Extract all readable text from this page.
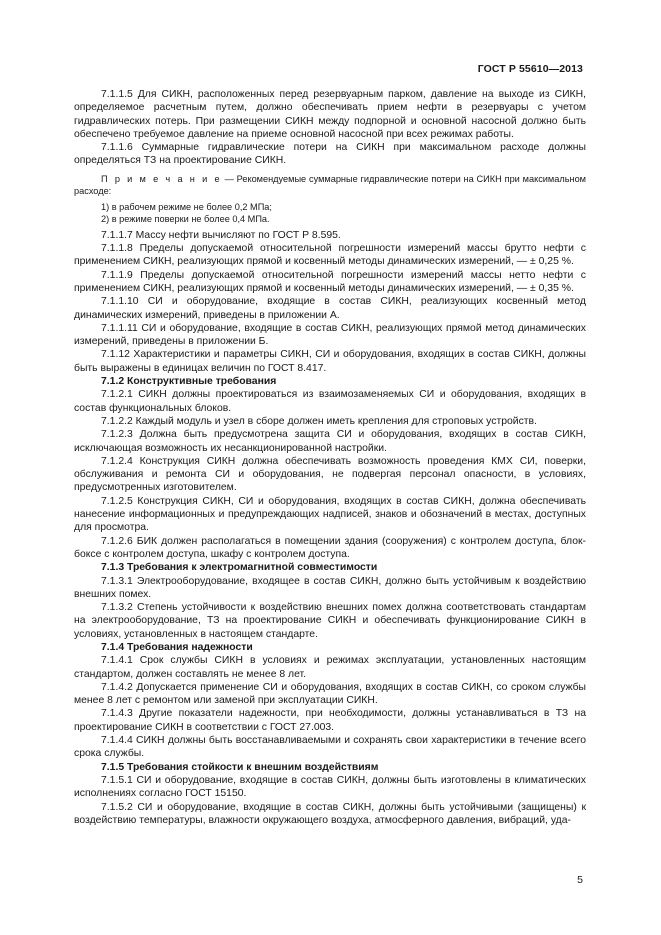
ГОСТ Р 55610—2013

7.1.1.5 Для СИКН, расположенных перед резервуарным парком, давление на выходе из СИКН, определяемое расчетным путем, должно обеспечивать прием нефти в резервуары с учетом гидравлических потерь. При размещении СИКН между подпорной и основной насосной должно быть обеспечено требуемое давление на приеме основной насосной при всех режимах работы.

7.1.1.6 Суммарные гидравлические потери на СИКН при максимальном расходе должны определяться ТЗ на проектирование СИКН.

П р и м е ч а н и е — Рекомендуемые суммарные гидравлические потери на СИКН при максимальном расходе:

1) в рабочем режиме не более 0,2 МПа;

2) в режиме поверки не более 0,4 МПа.

7.1.1.7 Массу нефти вычисляют по ГОСТ Р 8.595.

7.1.1.8 Пределы допускаемой относительной погрешности измерений массы брутто нефти с применением СИКН, реализующих прямой и косвенный методы динамических измерений, — ± 0,25 %.

7.1.1.9 Пределы допускаемой относительной погрешности измерений массы нетто нефти с применением СИКН, реализующих прямой и косвенный методы динамических измерений, — ± 0,35 %.

7.1.1.10 СИ и оборудование, входящие в состав СИКН, реализующих косвенный метод динамических измерений, приведены в приложении А.

7.1.1.11 СИ и оборудование, входящие в состав СИКН, реализующих прямой метод динамических измерений, приведены в приложении Б.

7.1.12 Характеристики и параметры СИКН, СИ и оборудования, входящих в состав СИКН, должны быть выражены в единицах величин по ГОСТ 8.417.

7.1.2 Конструктивные требования

7.1.2.1 СИКН должны проектироваться из взаимозаменяемых СИ и оборудования, входящих в состав функциональных блоков.

7.1.2.2 Каждый модуль и узел в сборе должен иметь крепления для строповых устройств.

7.1.2.3 Должна быть предусмотрена защита СИ и оборудования, входящих в состав СИКН, исключающая возможность их несанкционированной настройки.

7.1.2.4 Конструкция СИКН должна обеспечивать возможность проведения КМХ СИ, поверки, обслуживания и ремонта СИ и оборудования, не подвергая персонал опасности, в условиях, предусмотренных изготовителем.

7.1.2.5 Конструкция СИКН, СИ и оборудования, входящих в состав СИКН, должна обеспечивать нанесение информационных и предупреждающих надписей, знаков и обозначений в местах, доступных для просмотра.

7.1.2.6 БИК должен располагаться в помещении здания (сооружения) с контролем доступа, блок-боксе с контролем доступа, шкафу с контролем доступа.

7.1.3 Требования к электромагнитной совместимости

7.1.3.1 Электрооборудование, входящее в состав СИКН, должно быть устойчивым к воздействию внешних помех.

7.1.3.2 Степень устойчивости к воздействию внешних помех должна соответствовать стандартам на электрооборудование, ТЗ на проектирование СИКН и обеспечивать функционирование СИКН в условиях, установленных в настоящем стандарте.

7.1.4 Требования надежности

7.1.4.1 Срок службы СИКН в условиях и режимах эксплуатации, установленных настоящим стандартом, должен составлять не менее 8 лет.

7.1.4.2 Допускается применение СИ и оборудования, входящих в состав СИКН, со сроком службы менее 8 лет с ремонтом или заменой при эксплуатации СИКН.

7.1.4.3 Другие показатели надежности, при необходимости, должны устанавливаться в ТЗ на проектирование СИКН в соответствии с ГОСТ 27.003.

7.1.4.4 СИКН должны быть восстанавливаемыми и сохранять свои характеристики в течение всего срока службы.

7.1.5 Требования стойкости к внешним воздействиям

7.1.5.1 СИ и оборудование, входящие в состав СИКН, должны быть изготовлены в климатических исполнениях согласно ГОСТ 15150.

7.1.5.2 СИ и оборудование, входящие в состав СИКН, должны быть устойчивыми (защищены) к воздействию температуры, влажности окружающего воздуха, атмосферного давления, вибраций, уда-

5
